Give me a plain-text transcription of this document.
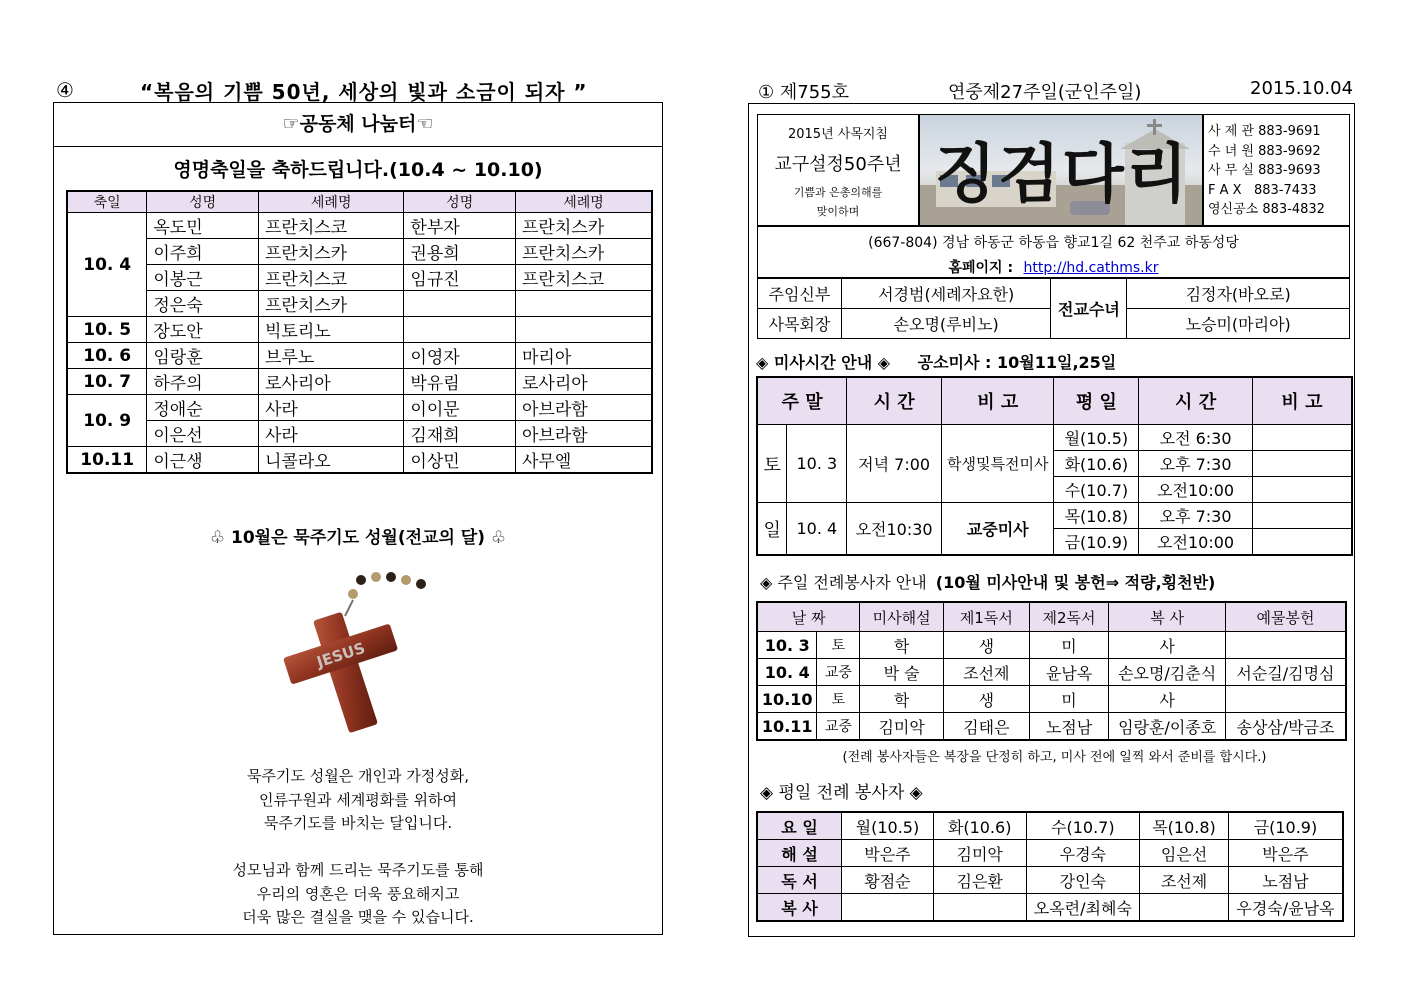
④	“복음의 기쁨 50년, 세상의 빛과 소금이 되자 ”
☞공동체 나눔터☜
영명축일을 축하드립니다.(10.4 ~ 10.10)
축일	성명	세례명	성명	세례명
10. 4	옥도민	프란치스코	한부자	프란치스카
	이주희	프란치스카	권용희	프란치스카
	이봉근	프란치스코	임규진	프란치스코
	정은숙	프란치스카		
10. 5	장도안	빅토리노		
10. 6	임랑훈	브루노	이영자	마리아
10. 7	하주의	로사리아	박유림	로사리아
10. 9	정애순	사라	이이문	아브라함
	이은선	사라	김재희	아브라함
10.11	이근생	니콜라오	이상민	사무엘
♧ 10월은 묵주기도 성월(전교의 달) ♧
JESUS
묵주기도 성월은 개인과 가정성화,
인류구원과 세계평화를 위하여
묵주기도를 바치는 달입니다.
성모님과 함께 드리는 묵주기도를 통해
우리의 영혼은 더욱 풍요해지고
더욱 많은 결실을 맺을 수 있습니다.
① 제755호	연중제27주일(군인주일)	2015.10.04
2015년 사목지침
교구설정50주년
기쁨과 은총의해를
맞이하며	징검다리
사 제 관 883-9691
수 녀 원 883-9692
사 무 실 883-9693
F A X   883-7433
영신공소 883-4832
(667-804) 경남 하동군 하동읍 향교1길 62 천주교 하동성당
홈페이지 : http://hd.cathms.kr
주임신부	서경범(세례자요한)	전교수녀	김정자(바오로)
사목회장	손오명(루비노)		노승미(마리아)
◈ 미사시간 안내 ◈ 공소미사 : 10월11일,25일
주 말		시 간	비 고	평 일	시 간	비 고
토	10. 3	저녁 7:00	학생및특전미사	월(10.5)	오전 6:30	
				화(10.6)	오후 7:30	
				수(10.7)	오전10:00	
일	10. 4	오전10:30	교중미사	목(10.8)	오후 7:30	
				금(10.9)	오전10:00	
◈ 주일 전례봉사자 안내 (10월 미사안내 및 봉헌⇒ 적량,횡천반)
날 짜		미사해설	제1독서	제2독서	복 사	예물봉헌
10. 3	토	학	생	미	사	
10. 4	교중	박 술	조선제	윤남옥	손오명/김춘식	서순길/김명심
10.10	토	학	생	미	사	
10.11	교중	김미악	김태은	노점남	임랑훈/이종호	송상삼/박금조
(전례 봉사자들은 복장을 단정히 하고, 미사 전에 일찍 와서 준비를 합시다.)
◈ 평일 전례 봉사자 ◈
요 일	월(10.5)	화(10.6)	수(10.7)	목(10.8)	금(10.9)
해 설	박은주	김미악	우경숙	임은선	박은주
독 서	황점순	김은환	강인숙	조선제	노점남
복 사			오옥련/최혜숙		우경숙/윤남옥
